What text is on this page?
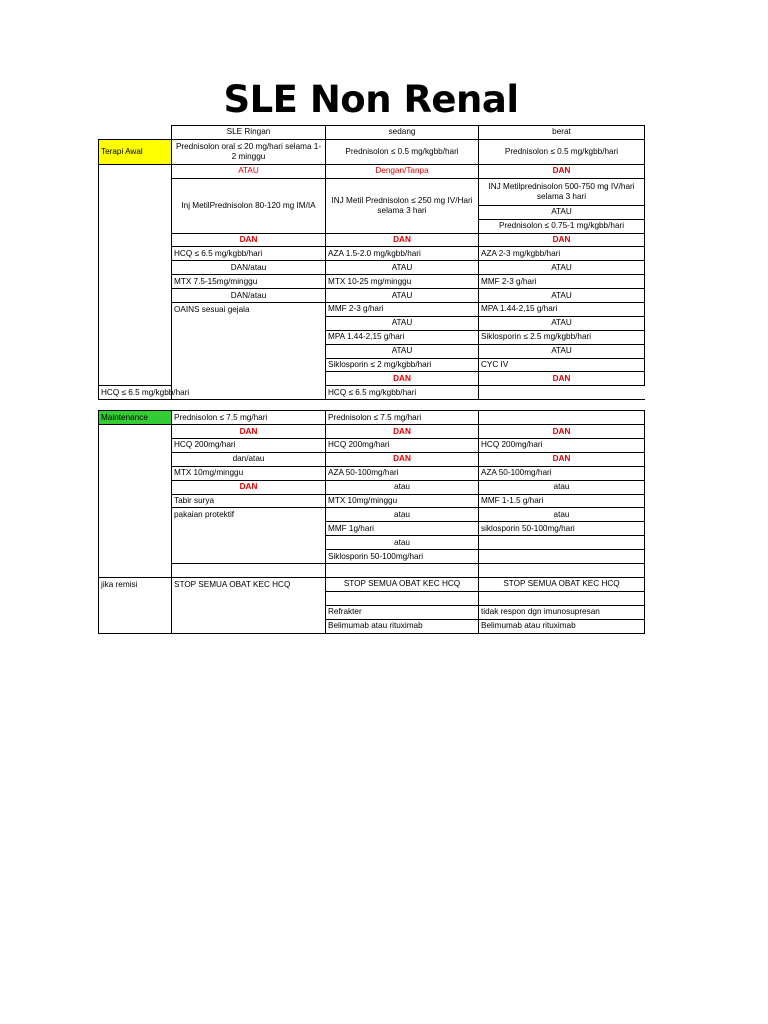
SLE Non Renal
	SLE Ringan	sedang	berat
Terapi Awal	Prednisolon oral ≤ 20 mg/hari selama 1-2 minggu	Prednisolon ≤ 0.5 mg/kgbb/hari	Prednisolon ≤ 0.5 mg/kgbb/hari
	ATAU	Dengan/Tanpa	DAN
	Inj MetilPrednisolon 80-120 mg IM/IA	INJ Metil Prednisolon ≤ 250 mg IV/Hari selama 3 hari	INJ Metilprednisolon 500-750 mg IV/hari selama 3 hari
			ATAU
			Prednisolon ≤ 0.75-1 mg/kgbb/hari
	DAN	DAN	DAN
	HCQ ≤ 6.5 mg/kgbb/hari	AZA 1.5-2.0 mg/kgbb/hari	AZA 2-3 mg/kgbb/hari
	DAN/atau	ATAU	ATAU
	MTX 7.5-15mg/minggu	MTX 10-25 mg/minggu	MMF 2-3 g/hari
	DAN/atau	ATAU	ATAU
	OAINS sesuai gejala	MMF 2-3 g/hari	MPA 1.44-2,15 g/hari
		ATAU	ATAU
		MPA 1.44-2,15 g/hari	Siklosporin ≤ 2.5 mg/kgbb/hari
		ATAU	ATAU
		Siklosporin ≤ 2 mg/kgbb/hari	CYC IV
		DAN	DAN
HCQ ≤ 6.5 mg/kgbb/hari		HCQ ≤ 6.5 mg/kgbb/hari	

Maintenance	Prednisolon ≤ 7.5 mg/hari	Prednisolon ≤ 7.5 mg/hari	
	DAN	DAN	DAN
	HCQ 200mg/hari	HCQ 200mg/hari	HCQ 200mg/hari
	dan/atau	DAN	DAN
	MTX 10mg/minggu	AZA 50-100mg/hari	AZA 50-100mg/hari
	DAN	atau	atau
	Tabir surya	MTX 10mg/minggu	MMF 1-1.5 g/hari
	pakaian protektif	atau	atau
		MMF 1g/hari	siklosporin 50-100mg/hari
		atau	
		Siklosporin 50-100mg/hari	

jika remisi	STOP SEMUA OBAT KEC HCQ	STOP SEMUA OBAT KEC HCQ	STOP SEMUA OBAT KEC HCQ

		Refrakter	tidak respon dgn imunosupresan
		Belimumab atau rituximab	Belimumab atau rituximab
